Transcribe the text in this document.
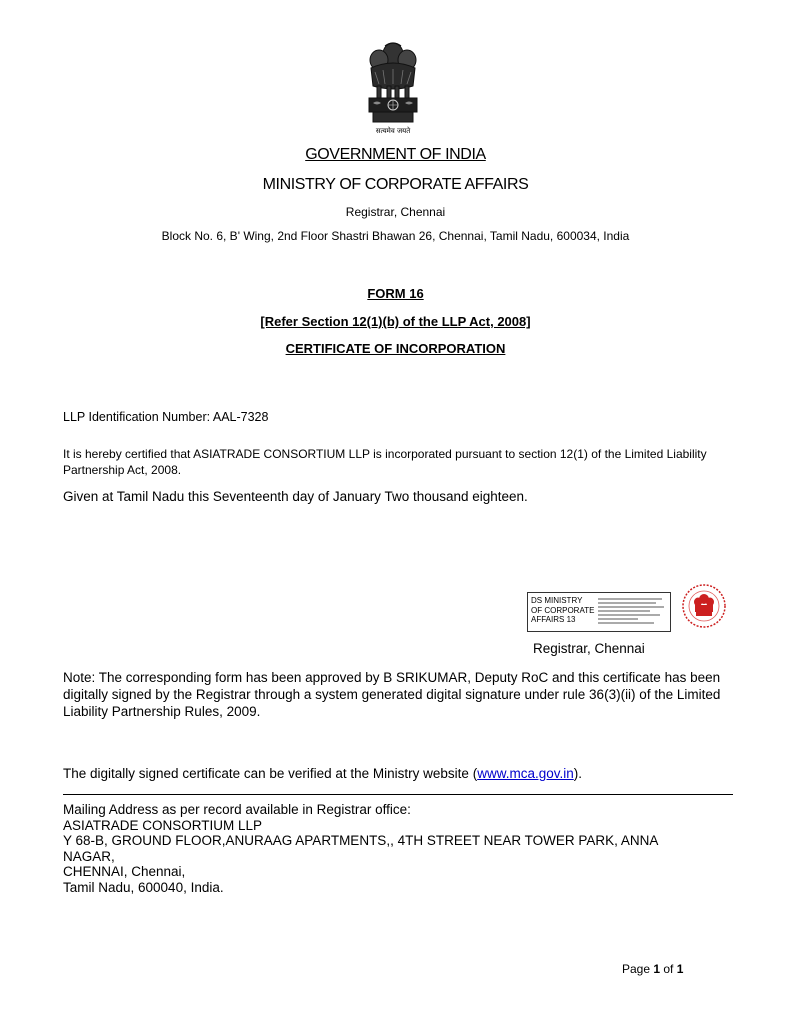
सत्यमेव जयते
GOVERNMENT OF INDIA
MINISTRY OF CORPORATE AFFAIRS
Registrar, Chennai
Block No. 6, B' Wing, 2nd Floor Shastri Bhawan 26, Chennai, Tamil Nadu, 600034, India
FORM 16
[Refer Section 12(1)(b) of the LLP Act, 2008]
CERTIFICATE OF INCORPORATION
LLP Identification Number: AAL-7328
It is hereby certified that ASIATRADE CONSORTIUM LLP is incorporated pursuant to section 12(1) of the Limited Liability Partnership Act, 2008.
Given at Tamil Nadu this Seventeenth day of January Two thousand eighteen.
DS MINISTRY
OF CORPORATE
AFFAIRS 13
Registrar, Chennai
Note: The corresponding form has been approved by B SRIKUMAR, Deputy RoC and this certificate has been digitally signed by the Registrar through a system generated digital signature under rule 36(3)(ii) of the Limited Liability Partnership Rules, 2009.
The digitally signed certificate can be verified at the Ministry website (www.mca.gov.in).
Mailing Address as per record available in Registrar office:
ASIATRADE CONSORTIUM LLP
Y 68-B, GROUND FLOOR,ANURAAG APARTMENTS,, 4TH STREET NEAR TOWER PARK, ANNA
NAGAR,
CHENNAI, Chennai,
Tamil Nadu, 600040, India.
Page 1 of 1
